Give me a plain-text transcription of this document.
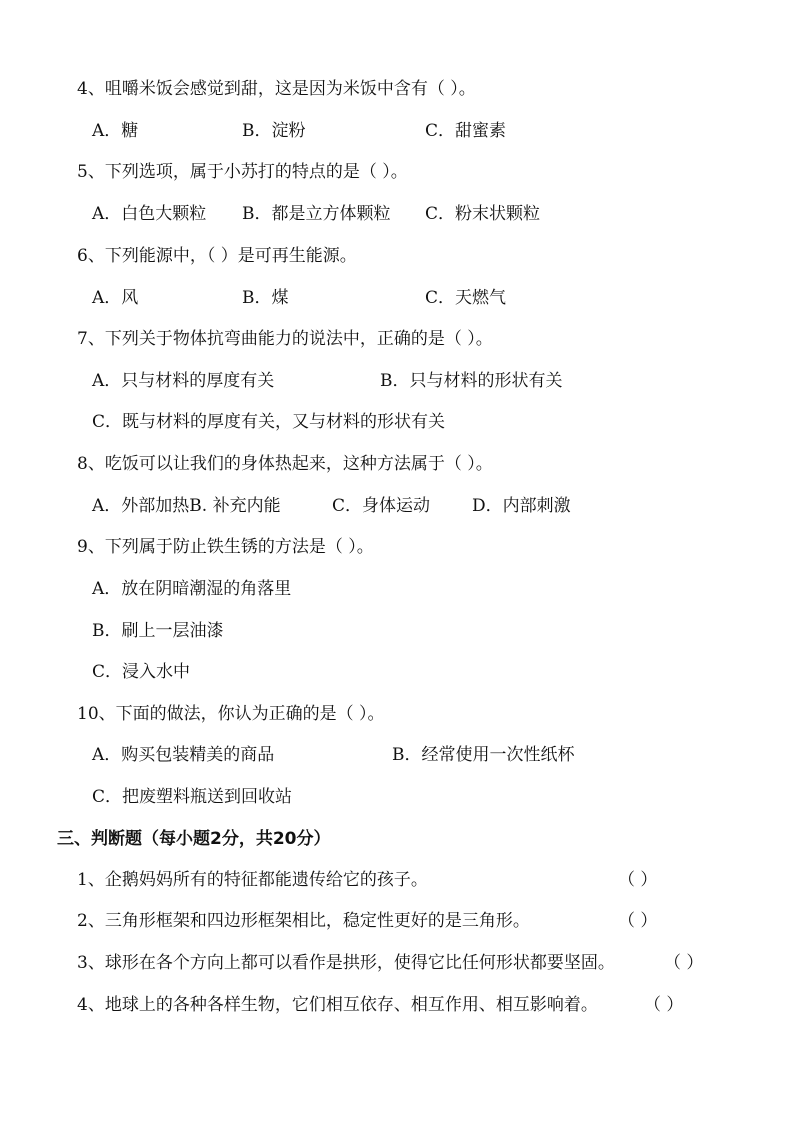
4、咀嚼米饭会感觉到甜，这是因为米饭中含有（ ）。
A．糖	B．淀粉	C．甜蜜素
5、下列选项，属于小苏打的特点的是（ ）。
A．白色大颗粒 B．都是立方体颗粒 C．粉末状颗粒
6、下列能源中，（ ）是可再生能源。
A．风	B．煤	C．天燃气
7、下列关于物体抗弯曲能力的说法中，正确的是（ ）。
A．只与材料的厚度有关	B．只与材料的形状有关
C．既与材料的厚度有关，又与材料的形状有关
8、吃饭可以让我们的身体热起来，这种方法属于（ ）。
A．外部加热B. 补充内能	C．身体运动 D．内部刺激
9、下列属于防止铁生锈的方法是（ ）。
A．放在阴暗潮湿的角落里
B．刷上一层油漆
C．浸入水中
10、下面的做法，你认为正确的是（ ）。
A．购买包装精美的商品	B．经常使用一次性纸杯
C．把废塑料瓶送到回收站
三、判断题（每小题2分，共20分）
1、企鹅妈妈所有的特征都能遗传给它的孩子。	（ ）
2、三角形框架和四边形框架相比，稳定性更好的是三角形。	（ ）
3、球形在各个方向上都可以看作是拱形，使得它比任何形状都要坚固。	（ ）
4、地球上的各种各样生物，它们相互依存、相互作用、相互影响着。	（ ）
